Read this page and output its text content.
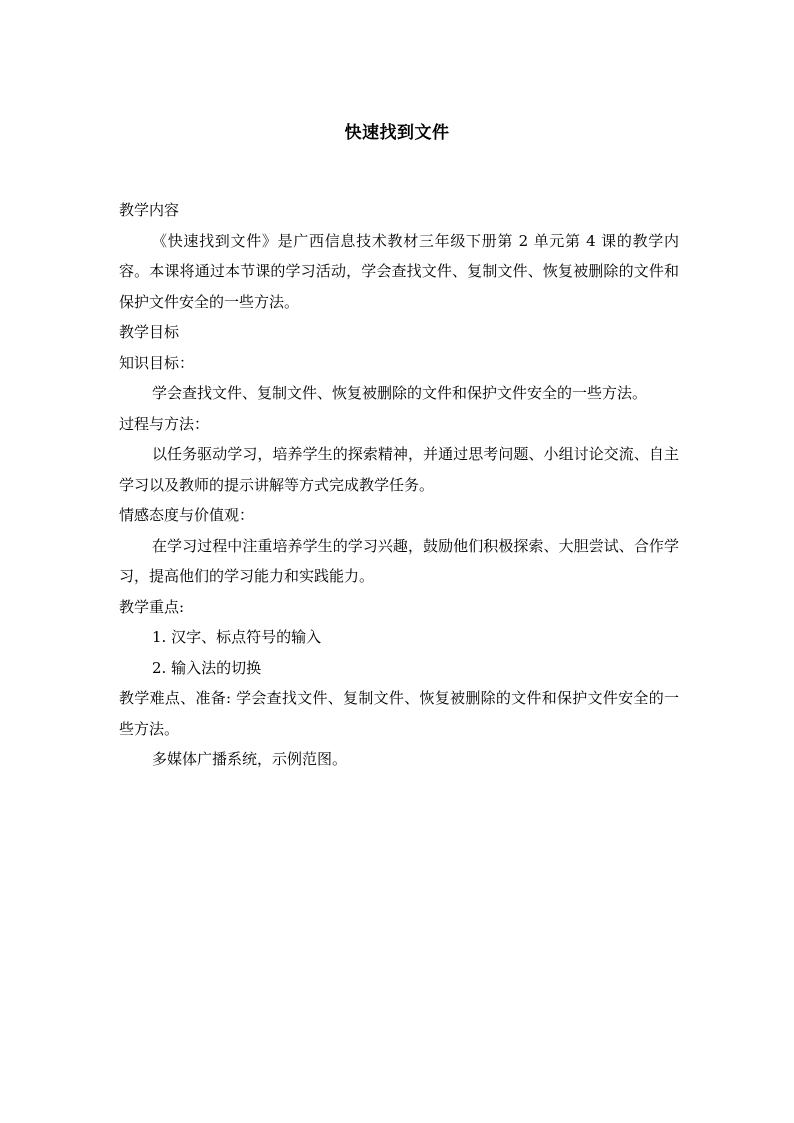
快速找到文件
教学内容
《快速找到文件》是广西信息技术教材三年级下册第 2 单元第 4 课的教学内容。本课将通过本节课的学习活动，学会查找文件、复制文件、恢复被删除的文件和保护文件安全的一些方法。
教学目标
知识目标：
学会查找文件、复制文件、恢复被删除的文件和保护文件安全的一些方法。
过程与方法：
以任务驱动学习，培养学生的探索精神，并通过思考问题、小组讨论交流、自主学习以及教师的提示讲解等方式完成教学任务。
情感态度与价值观：
在学习过程中注重培养学生的学习兴趣，鼓励他们积极探索、大胆尝试、合作学习，提高他们的学习能力和实践能力。
教学重点:
1. 汉字、标点符号的输入
2. 输入法的切换
教学难点、准备: 学会查找文件、复制文件、恢复被删除的文件和保护文件安全的一些方法。
多媒体广播系统，示例范图。
